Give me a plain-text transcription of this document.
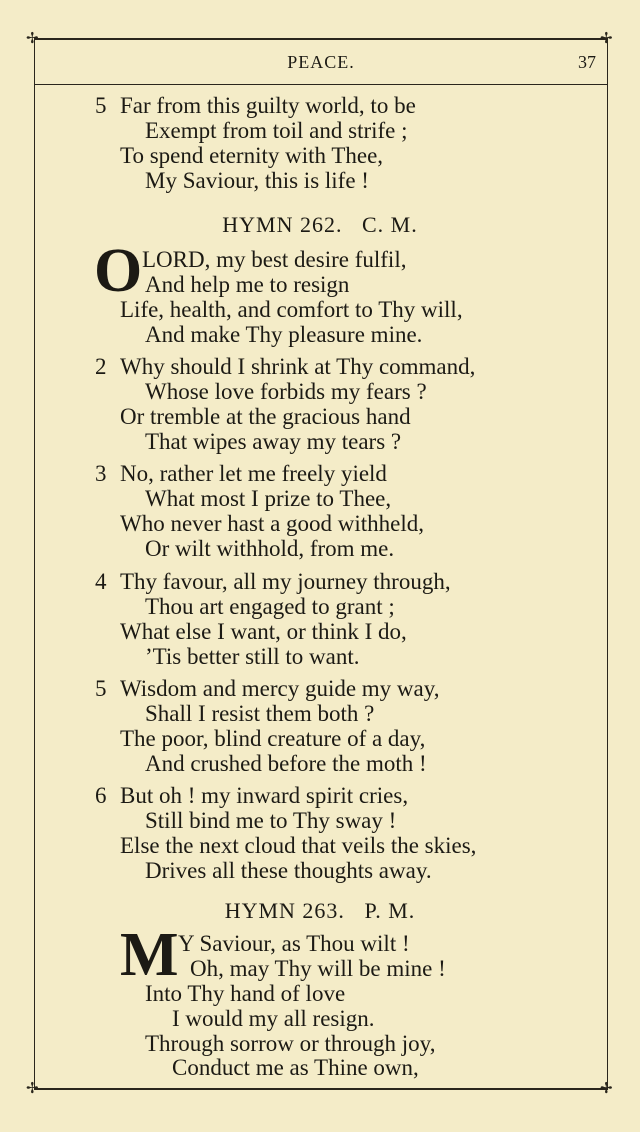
✢	✢
✢	✢
PEACE.	37
5 Far from this guilty world, to be
Exempt from toil and strife ;
To spend eternity with Thee,
My Saviour, this is life !
HYMN 262. C. M.
O LORD, my best desire fulfil,
And help me to resign
Life, health, and comfort to Thy will,
And make Thy pleasure mine.
2 Why should I shrink at Thy command,
Whose love forbids my fears ?
Or tremble at the gracious hand
That wipes away my tears ?
3 No, rather let me freely yield
What most I prize to Thee,
Who never hast a good withheld,
Or wilt withhold, from me.
4 Thy favour, all my journey through,
Thou art engaged to grant ;
What else I want, or think I do,
’Tis better still to want.
5 Wisdom and mercy guide my way,
Shall I resist them both ?
The poor, blind creature of a day,
And crushed before the moth !
6 But oh ! my inward spirit cries,
Still bind me to Thy sway !
Else the next cloud that veils the skies,
Drives all these thoughts away.
HYMN 263. P. M.
M Y Saviour, as Thou wilt !
Oh, may Thy will be mine !
Into Thy hand of love
I would my all resign.
Through sorrow or through joy,
Conduct me as Thine own,
